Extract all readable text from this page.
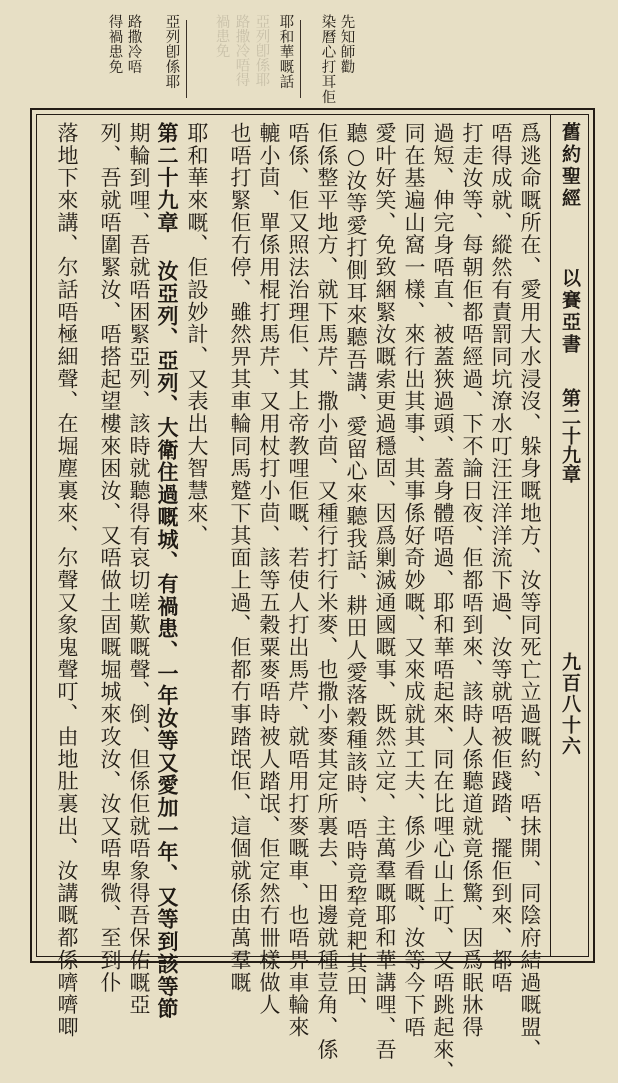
先知師勸
染曆心打耳佢
耶和華嘅話
亞列卽係耶
路撒冷唔
得禍患免	亞列卽係耶
路撒冷唔得
禍患免
舊約聖經
以賽亞書
第二十九章
九百八十六
爲逃命嘅所在、愛用大水浸沒、躲身嘅地方、汝等同死亡立過嘅約、唔抹開、同陰府結過嘅盟、
唔得成就、縱然有責罰同坑潦水叮汪汪洋洋流下過、汝等就唔被佢踐踏、擺佢到來、都唔
打走汝等、每朝佢都唔經過、下不論日夜、佢都唔到來、該時人係聽道就竟係驚、因爲眠牀得
過短、伸完身唔直、被蓋狹過頭、蓋身體唔過、耶和華唔起來、同在比哩心山上叮、又唔跳起來、
同在基遍山窩一樣、來行出其事、其事係好奇妙嘅、又來成就其工夫、係少看嘅、汝等今下唔
愛叶好笑、免致綑緊汝嘅索更過穩固、因爲剿滅通國嘅事、既然立定、主萬羣嘅耶和華講哩、吾
聽○汝等愛打側耳來聽吾講、愛留心來聽我話、耕田人愛落穀種該時、唔時竟犂竟耙其田、
佢係整平地方、就下馬芹、撒小茴、又種行打行米麥、也撒小麥其定所裏去、田邊就種荳角、係
唔係、佢又照法治理佢、其上帝教哩佢嘅、若使人打出馬芹、就唔用打麥嘅車、也唔畀車輪來
轆小茴、單係用棍打馬芹、又用杖打小茴、該等五穀粟麥唔時被人踏氓、佢定然冇卌樣做人
也唔打緊佢冇停、雖然畀其車輪同馬蹵下其面上過、佢都冇事踏氓佢、這個就係由萬羣嘅
耶和華來嘅、佢設妙計、又表出大智慧來、
第二十九章 汝亞列、亞列、大衛住過嘅城、有禍患、一年汝等又愛加一年、又等到該等節
期輪到哩、吾就唔困緊亞列、該時就聽得有哀切嗟歎嘅聲、倒、但係佢就唔象得吾保佑嘅亞
列、吾就唔圍緊汝、唔搭起望樓來困汝、又唔做土固嘅堀城來攻汝、汝又唔卑微、至到仆
落地下來講、尔話唔極細聲、在堀塵裏來、尔聲又象鬼聲叮、由地肚裏出、汝講嘅都係嚌嚌唧
